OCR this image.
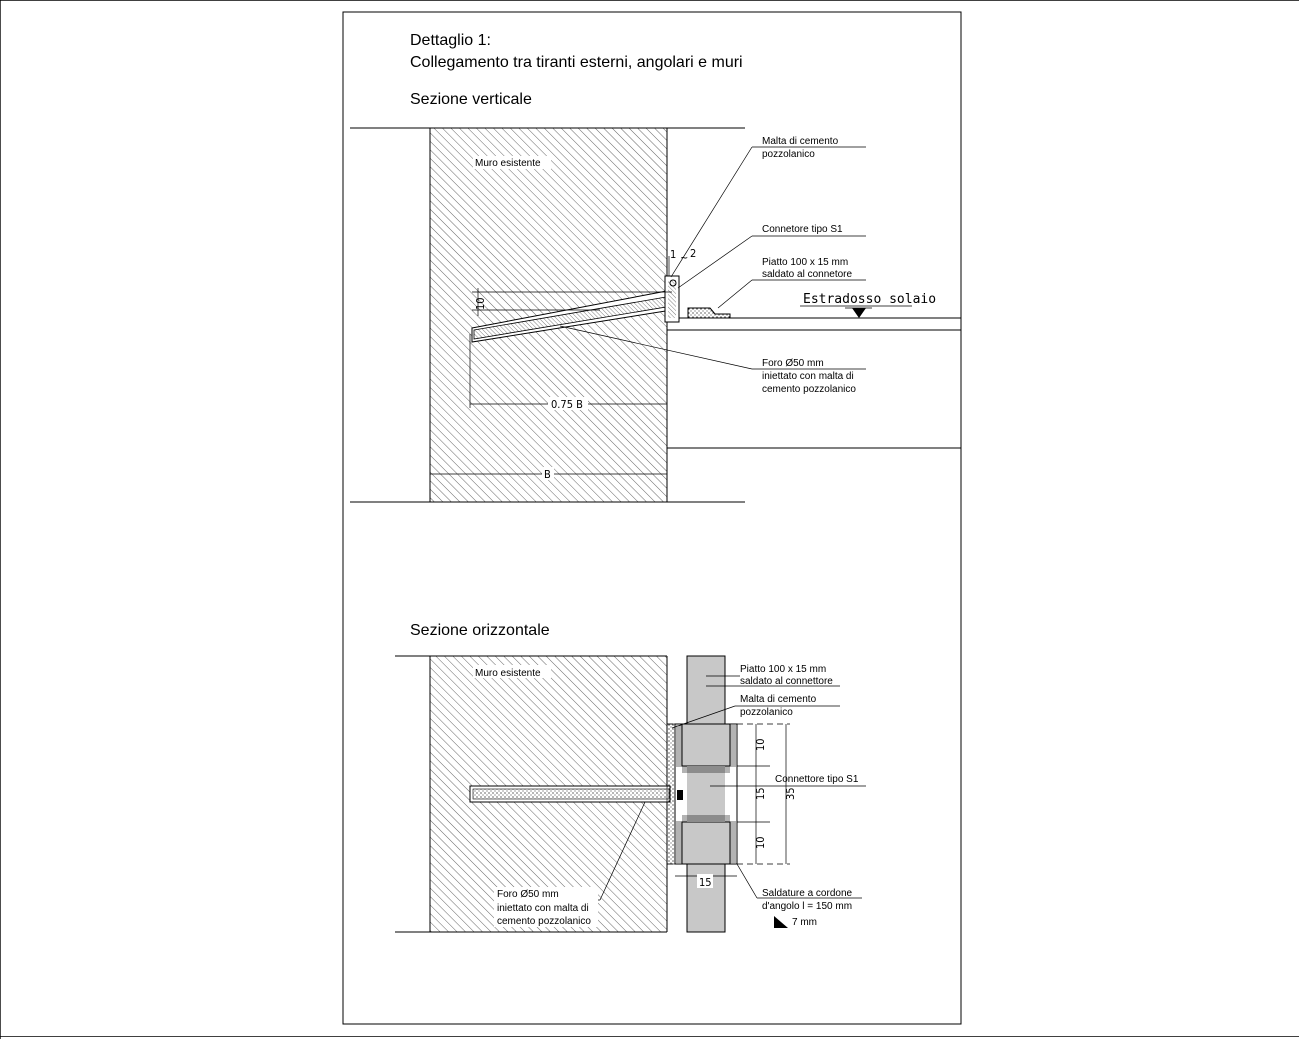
Dettaglio 1:
Collegamento tra tiranti esterni, angolari e muri
Sezione verticale
Muro esistente
1 ~ 2
10
0.75 B
B
Malta di cemento
pozzolanico
Connetore tipo S1
Piatto 100 x 15 mm
saldato al connetore
Estradosso solaio
Foro Ø50 mm
iniettato con malta di
cemento pozzolanico
Sezione orizzontale
Muro esistente
10
15
10
35
15
Piatto 100 x 15 mm
saldato al connettore
Malta di cemento
pozzolanico
Connettore tipo S1
Foro Ø50 mm
iniettato con malta di
cemento pozzolanico
Saldature a cordone
d'angolo l = 150 mm
7 mm
